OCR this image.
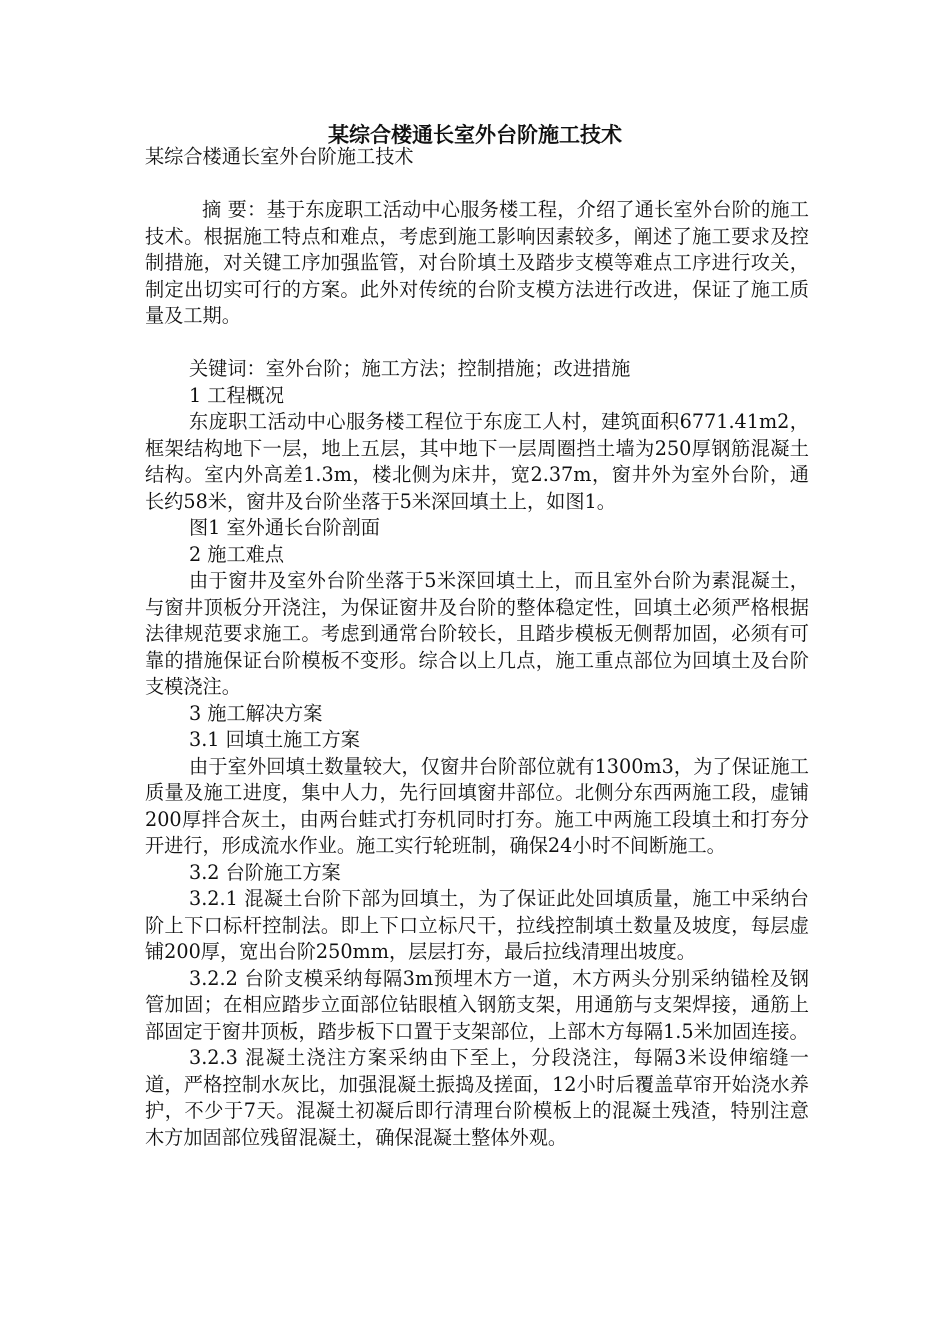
某综合楼通长室外台阶施工技术

某综合楼通长室外台阶施工技术

摘 要：基于东庞职工活动中心服务楼工程，介绍了通长室外台阶的施工技术。根据施工特点和难点，考虑到施工影响因素较多，阐述了施工要求及控制措施，对关键工序加强监管，对台阶填土及踏步支模等难点工序进行攻关，制定出切实可行的方案。此外对传统的台阶支模方法进行改进，保证了施工质量及工期。

关键词：室外台阶；施工方法；控制措施；改进措施

1 工程概况

东庞职工活动中心服务楼工程位于东庞工人村，建筑面积6771.41m2，框架结构地下一层，地上五层，其中地下一层周圈挡土墙为250厚钢筋混凝土结构。室内外高差1.3m，楼北侧为床井，宽2.37m，窗井外为室外台阶，通长约58米，窗井及台阶坐落于5米深回填土上，如图1。

图1 室外通长台阶剖面

2 施工难点

由于窗井及室外台阶坐落于5米深回填土上，而且室外台阶为素混凝土，与窗井顶板分开浇注，为保证窗井及台阶的整体稳定性，回填土必须严格根据法律规范要求施工。考虑到通常台阶较长，且踏步模板无侧帮加固，必须有可靠的措施保证台阶模板不变形。综合以上几点，施工重点部位为回填土及台阶支模浇注。

3 施工解决方案

3.1 回填土施工方案

由于室外回填土数量较大，仅窗井台阶部位就有1300m3，为了保证施工质量及施工进度，集中人力，先行回填窗井部位。北侧分东西两施工段，虚铺200厚拌合灰土，由两台蛙式打夯机同时打夯。施工中两施工段填土和打夯分开进行，形成流水作业。施工实行轮班制，确保24小时不间断施工。

3.2 台阶施工方案

3.2.1 混凝土台阶下部为回填土，为了保证此处回填质量，施工中采纳台阶上下口标杆控制法。即上下口立标尺干，拉线控制填土数量及坡度，每层虚铺200厚，宽出台阶250mm，层层打夯，最后拉线清理出坡度。

3.2.2 台阶支模采纳每隔3m预埋木方一道，木方两头分别采纳锚栓及钢管加固；在相应踏步立面部位钻眼植入钢筋支架，用通筋与支架焊接，通筋上部固定于窗井顶板，踏步板下口置于支架部位，上部木方每隔1.5米加固连接。

3.2.3 混凝土浇注方案采纳由下至上，分段浇注，每隔3米设伸缩缝一道，严格控制水灰比，加强混凝土振捣及搓面，12小时后覆盖草帘开始浇水养护，不少于7天。混凝土初凝后即行清理台阶模板上的混凝土残渣，特别注意木方加固部位残留混凝土，确保混凝土整体外观。
